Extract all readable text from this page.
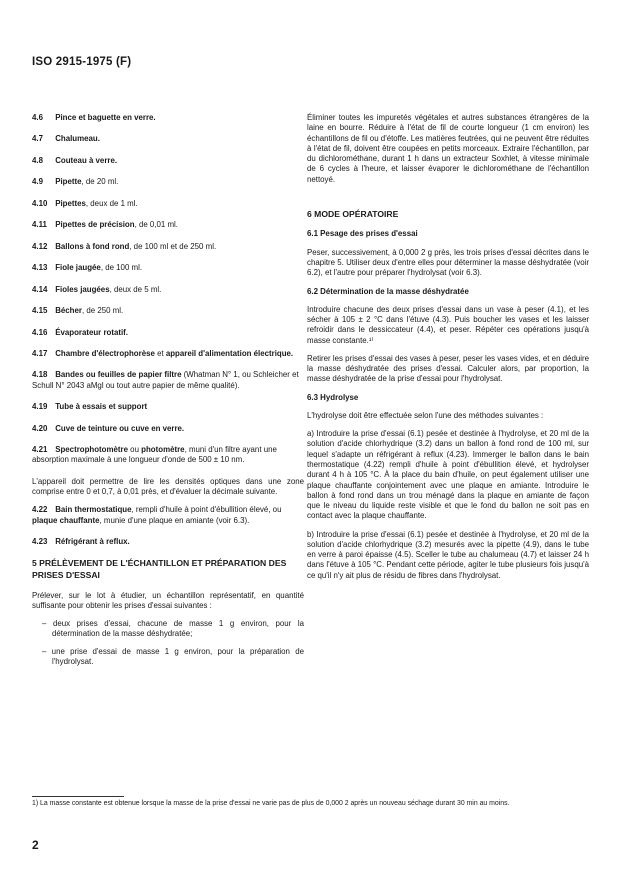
ISO 2915-1975 (F)
4.6 Pince et baguette en verre.
4.7 Chalumeau.
4.8 Couteau à verre.
4.9 Pipette, de 20 ml.
4.10 Pipettes, deux de 1 ml.
4.11 Pipettes de précision, de 0,01 ml.
4.12 Ballons à fond rond, de 100 ml et de 250 ml.
4.13 Fiole jaugée, de 100 ml.
4.14 Fioles jaugées, deux de 5 ml.
4.15 Bécher, de 250 ml.
4.16 Évaporateur rotatif.
4.17 Chambre d'électrophorèse et appareil d'alimentation électrique.
4.18 Bandes ou feuilles de papier filtre (Whatman N° 1, ou Schleicher et Schull N° 2043 aMgl ou tout autre papier de même qualité).
4.19 Tube à essais et support
4.20 Cuve de teinture ou cuve en verre.
4.21 Spectrophotomètre ou photomètre, muni d'un filtre ayant une absorption maximale à une longueur d'onde de 500 ± 10 nm.

L'appareil doit permettre de lire les densités optiques dans une zone comprise entre 0 et 0,7, à 0,01 près, et d'évaluer la décimale suivante.

4.22 Bain thermostatique, rempli d'huile à point d'ébullition élevé, ou plaque chauffante, munie d'une plaque en amiante (voir 6.3).
4.23 Réfrigérant à reflux.
5 PRÉLÈVEMENT DE L'ÉCHANTILLON ET PRÉPARATION DES PRISES D'ESSAI

Prélever, sur le lot à étudier, un échantillon représentatif, en quantité suffisante pour obtenir les prises d'essai suivantes :

– deux prises d'essai, chacune de masse 1 g environ, pour la détermination de la masse déshydratée;

– une prise d'essai de masse 1 g environ, pour la préparation de l'hydrolysat.

Éliminer toutes les impuretés végétales et autres substances étrangères de la laine en bourre. Réduire à l'état de fil de courte longueur (1 cm environ) les échantillons de fil ou d'étoffe. Les matières feutrées, qui ne peuvent être réduites à l'état de fil, doivent être coupées en petits morceaux. Extraire l'échantillon, par du dichlorométhane, durant 1 h dans un extracteur Soxhlet, à vitesse minimale de 6 cycles à l'heure, et laisser évaporer le dichlorométhane de l'échantillon nettoyé.

6 MODE OPÉRATOIRE
6.1 Pesage des prises d'essai

Peser, successivement, à 0,000 2 g près, les trois prises d'essai décrites dans le chapitre 5. Utiliser deux d'entre elles pour déterminer la masse déshydratée (voir 6.2), et l'autre pour préparer l'hydrolysat (voir 6.3).

6.2 Détermination de la masse déshydratée

Introduire chacune des deux prises d'essai dans un vase à peser (4.1), et les sécher à 105 ± 2 °C dans l'étuve (4.3). Puis boucher les vases et les laisser refroidir dans le dessiccateur (4.4), et peser. Répéter ces opérations jusqu'à masse constante.¹⁾

Retirer les prises d'essai des vases à peser, peser les vases vides, et en déduire la masse déshydratée des prises d'essai. Calculer alors, par proportion, la masse déshydratée de la prise d'essai pour l'hydrolysat.

6.3 Hydrolyse

L'hydrolyse doit être effectuée selon l'une des méthodes suivantes :

a) Introduire la prise d'essai (6.1) pesée et destinée à l'hydrolyse, et 20 ml de la solution d'acide chlorhydrique (3.2) dans un ballon à fond rond de 100 ml, sur lequel s'adapte un réfrigérant à reflux (4.23). Immerger le ballon dans le bain thermostatique (4.22) rempli d'huile à point d'ébullition élevé, et hydrolyser durant 4 h à 105 °C. À la place du bain d'huile, on peut également utiliser une plaque chauffante conjointement avec une plaque en amiante. Introduire le ballon à fond rond dans un trou ménagé dans la plaque en amiante de façon que le niveau du liquide reste visible et que le fond du ballon ne soit pas en contact avec la plaque chauffante.

b) Introduire la prise d'essai (6.1) pesée et destinée à l'hydrolyse, et 20 ml de la solution d'acide chlorhydrique (3.2) mesurés avec la pipette (4.9), dans le tube en verre à paroi épaisse (4.5). Sceller le tube au chalumeau (4.7) et laisser 24 h dans l'étuve à 105 °C. Pendant cette période, agiter le tube plusieurs fois jusqu'à ce qu'il n'y ait plus de résidu de fibres dans l'hydrolysat.

1) La masse constante est obtenue lorsque la masse de la prise d'essai ne varie pas de plus de 0,000 2 après un nouveau séchage durant 30 min au moins.
2
